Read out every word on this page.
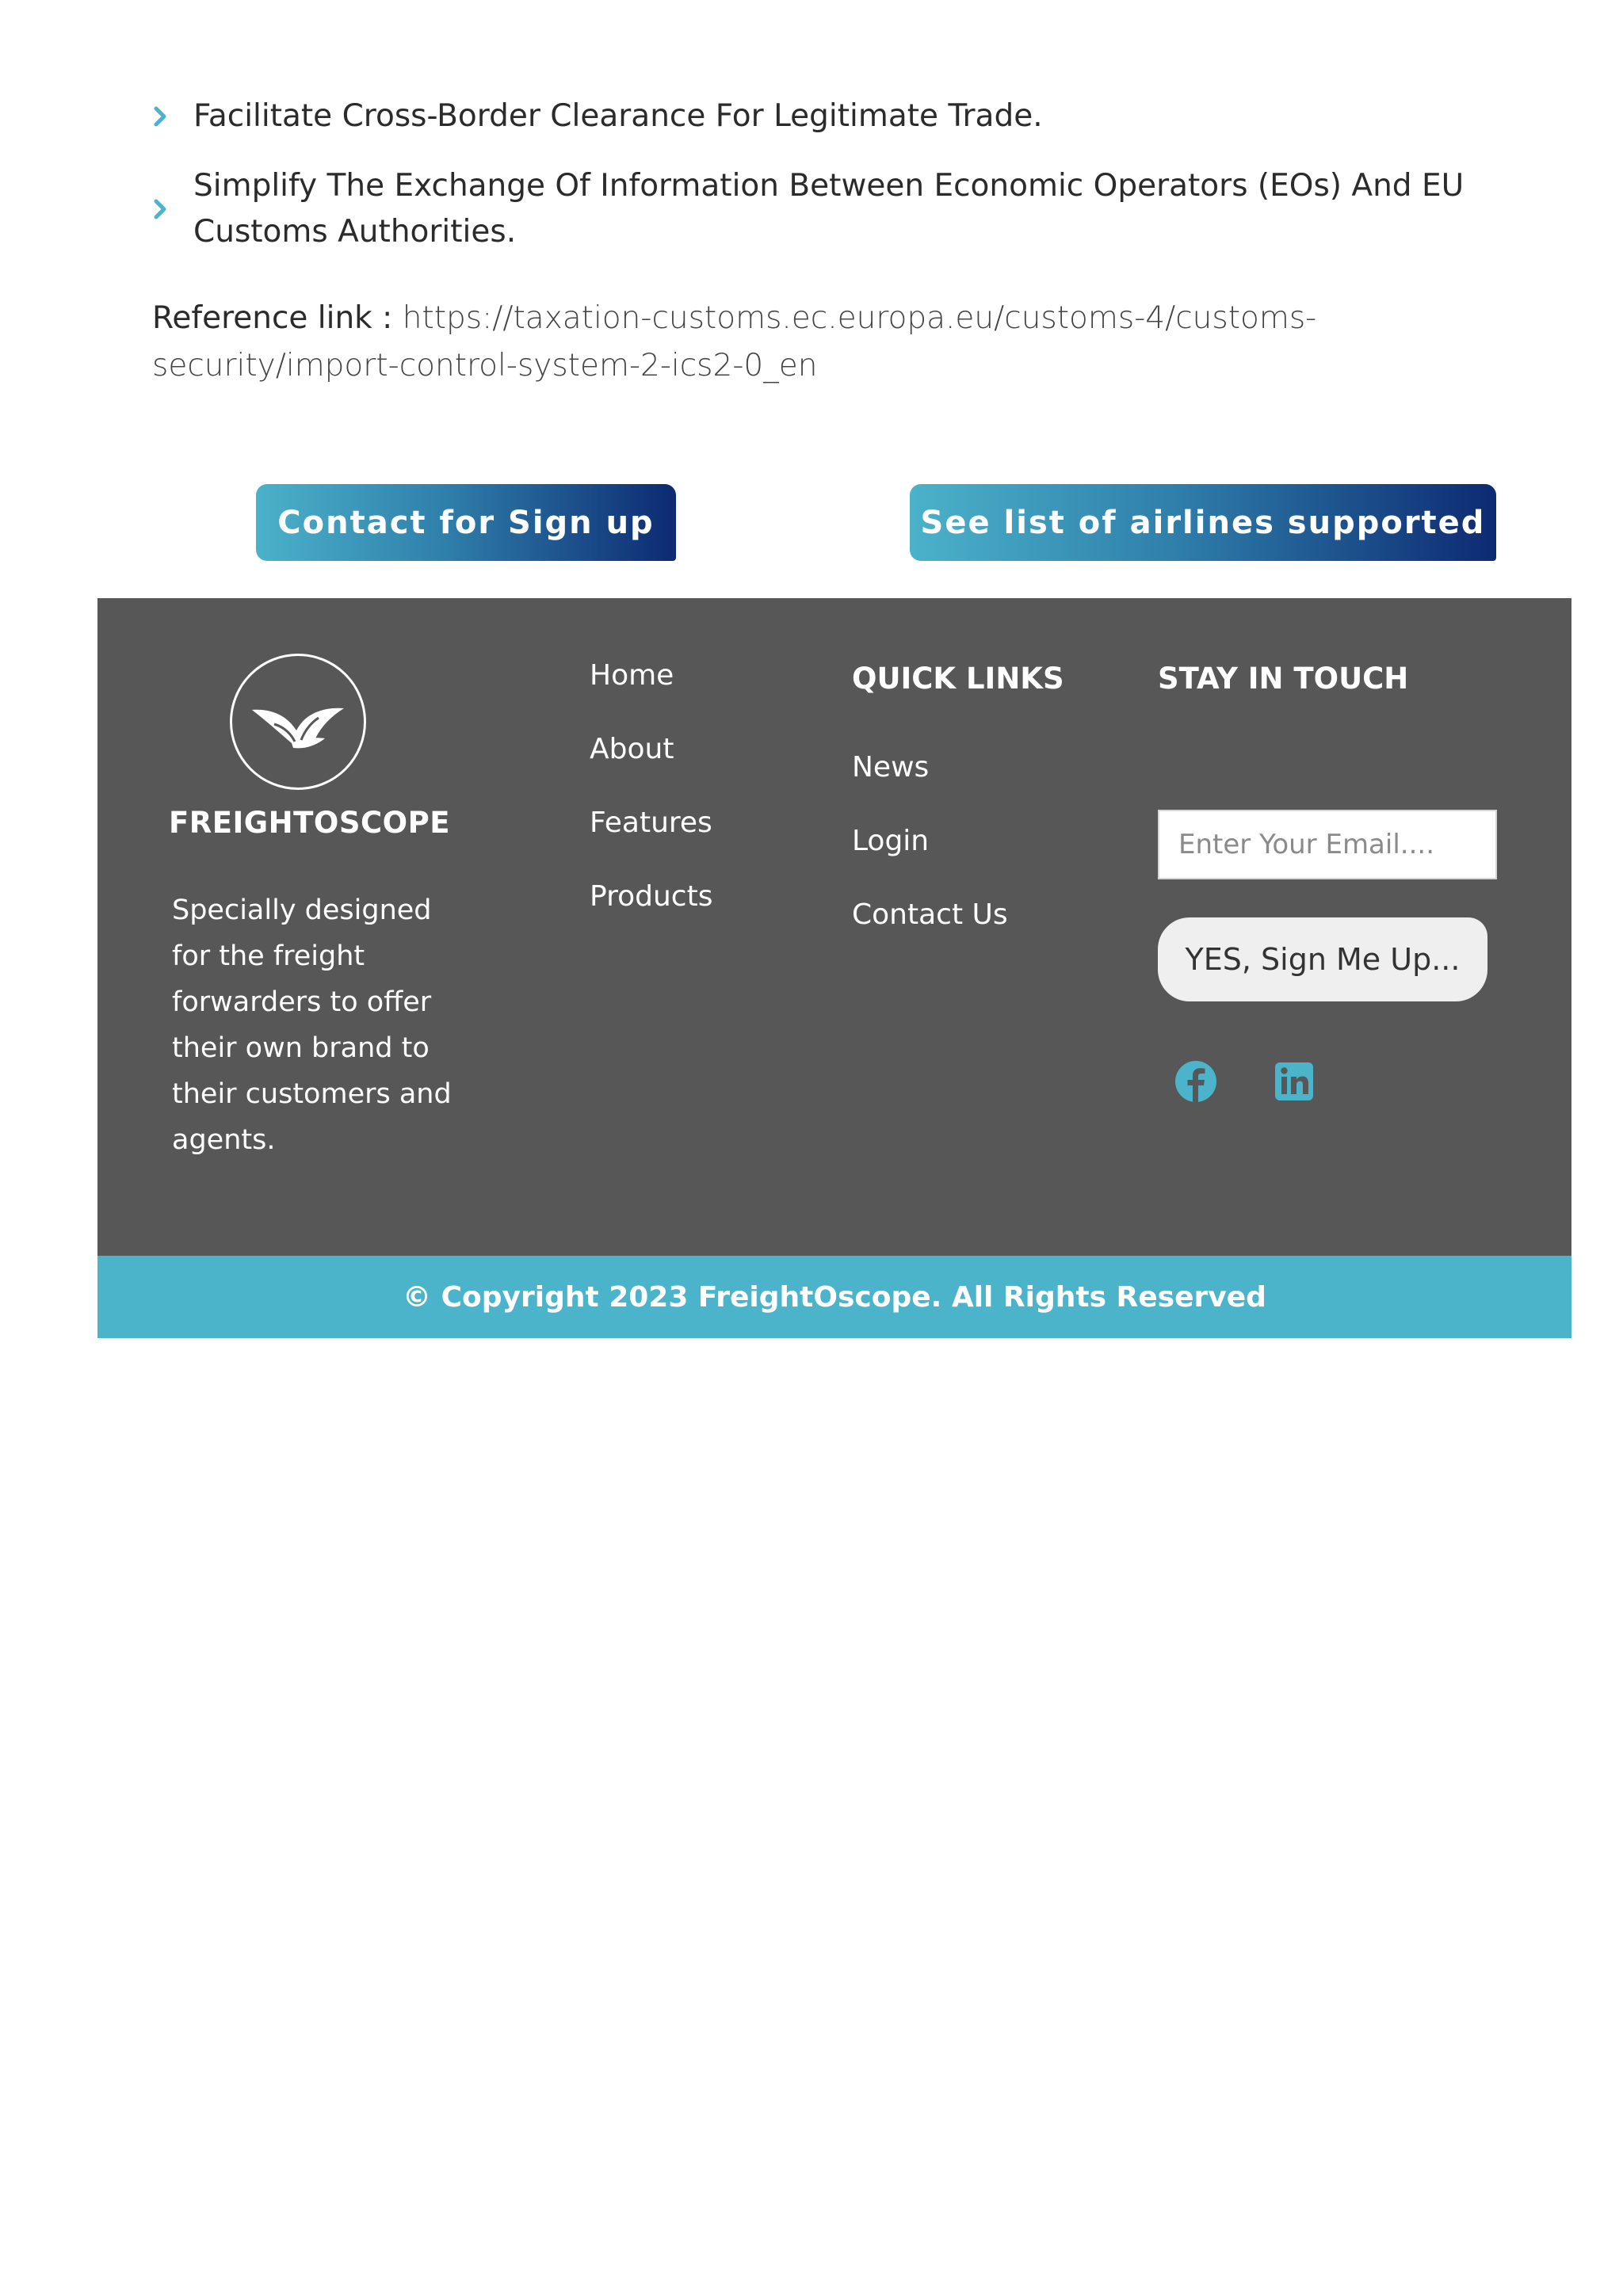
Facilitate Cross-Border Clearance For Legitimate Trade.
Simplify The Exchange Of Information Between Economic Operators (EOs) And EU Customs Authorities.
Reference link : https://taxation-customs.ec.europa.eu/customs-4/customs-security/import-control-system-2-ics2-0_en
Contact for Sign up	See list of airlines supported
FREIGHTOSCOPE
Specially designed for the freight forwarders to offer their own brand to their customers and agents.
Home
About
Features
Products
QUICK LINKS
News
Login
Contact Us
STAY IN TOUCH
Enter Your Email....
YES, Sign Me Up...
© Copyright 2023 FreightOscope. All Rights Reserved
